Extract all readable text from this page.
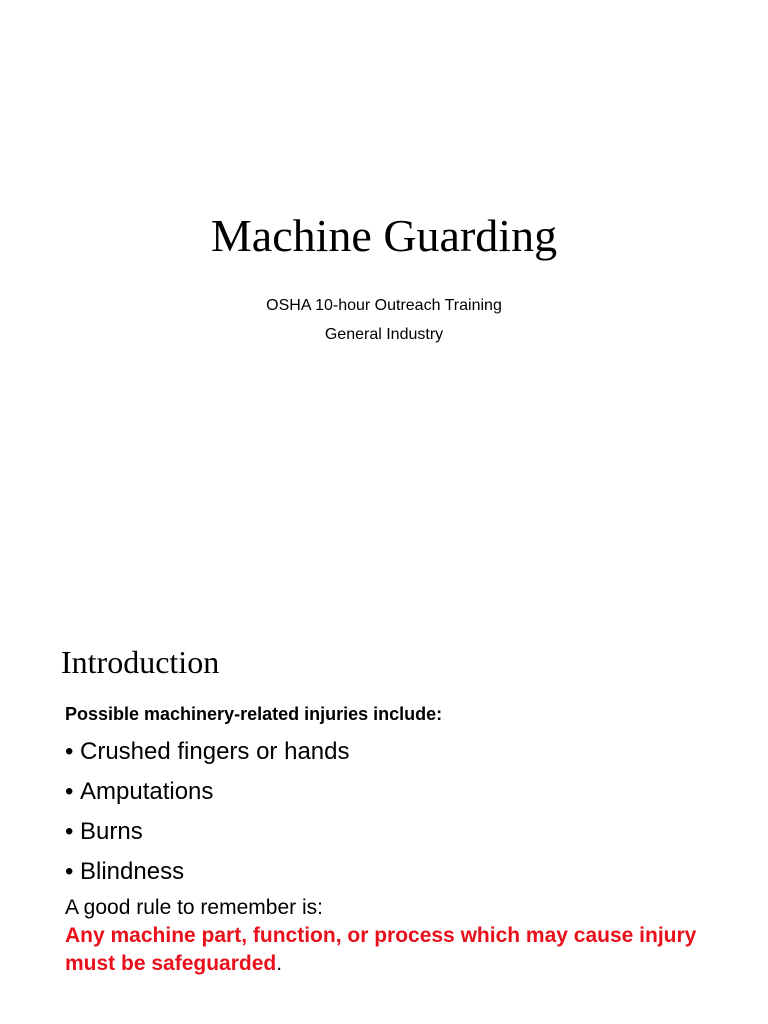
Machine Guarding
OSHA 10-hour Outreach Training
General Industry
Introduction
Possible machinery-related injuries include:
• Crushed fingers or hands
• Amputations
• Burns
• Blindness
A good rule to remember is:
Any machine part, function, or process which may cause injury must be safeguarded.
